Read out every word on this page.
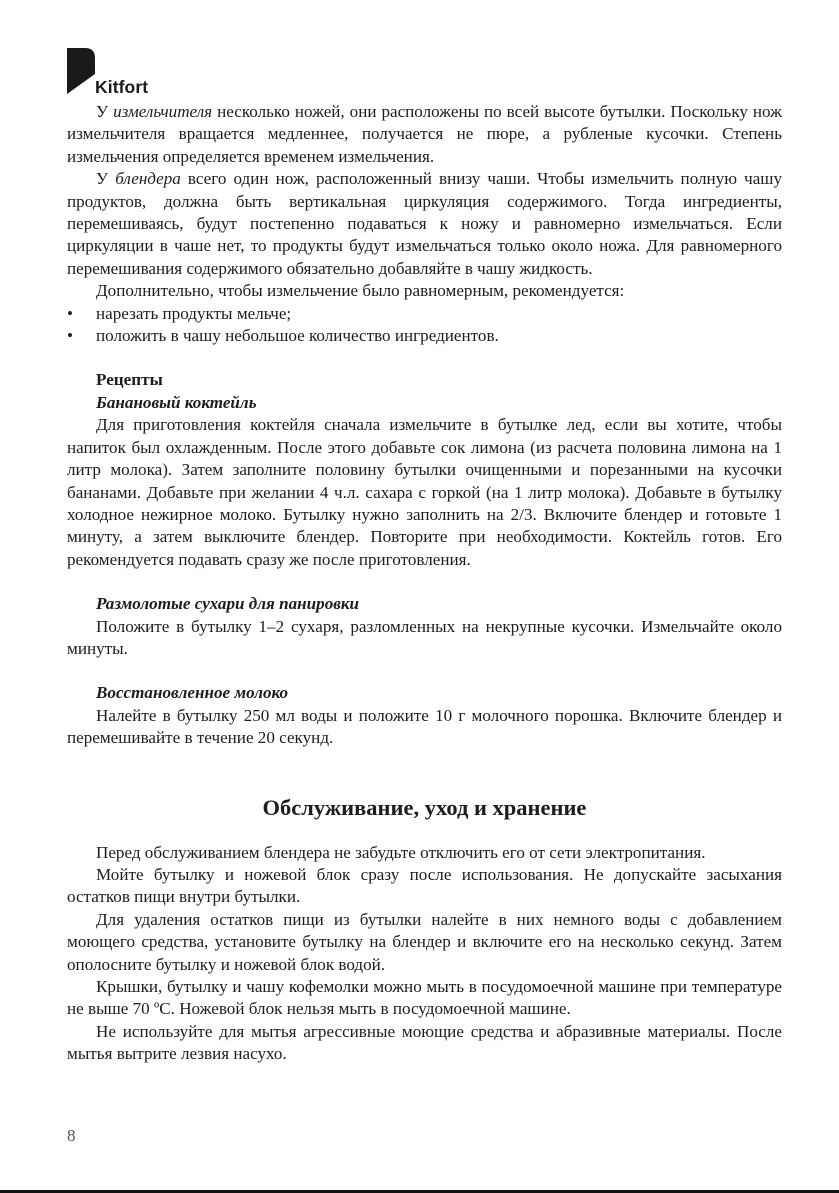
Kitfort

У измельчителя несколько ножей, они расположены по всей высоте бутылки. Поскольку нож измельчителя вращается медленнее, получается не пюре, а рубленые кусочки. Степень измельчения определяется временем измельчения.

У блендера всего один нож, расположенный внизу чаши. Чтобы измельчить полную чашу продуктов, должна быть вертикальная циркуляция содержимого. Тогда ингредиенты, перемешиваясь, будут постепенно подаваться к ножу и равномерно измельчаться. Если циркуляции в чаше нет, то продукты будут измельчаться только около ножа. Для равномерного перемешивания содержимого обязательно добавляйте в чашу жидкость.

Дополнительно, чтобы измельчение было равномерным, рекомендуется:

• нарезать продукты мельче;
• положить в чашу небольшое количество ингредиентов.

Рецепты

Банановый коктейль

Для приготовления коктейля сначала измельчите в бутылке лед, если вы хотите, чтобы напиток был охлажденным. После этого добавьте сок лимона (из расчета половина лимона на 1 литр молока). Затем заполните половину бутылки очищенными и порезанными на кусочки бананами. Добавьте при желании 4 ч.л. сахара с горкой (на 1 литр молока). Добавьте в бутылку холодное нежирное молоко. Бутылку нужно заполнить на 2/3. Включите блендер и готовьте 1 минуту, а затем выключите блендер. Повторите при необходимости. Коктейль готов. Его рекомендуется подавать сразу же после приготовления.

Размолотые сухари для панировки

Положите в бутылку 1–2 сухаря, разломленных на некрупные кусочки. Измельчайте около минуты.

Восстановленное молоко

Налейте в бутылку 250 мл воды и положите 10 г молочного порошка. Включите блендер и перемешивайте в течение 20 секунд.

Обслуживание, уход и хранение

Перед обслуживанием блендера не забудьте отключить его от сети электропитания.

Мойте бутылку и ножевой блок сразу после использования. Не допускайте засыхания остатков пищи внутри бутылки.

Для удаления остатков пищи из бутылки налейте в них немного воды с добавлением моющего средства, установите бутылку на блендер и включите его на несколько секунд. Затем ополосните бутылку и ножевой блок водой.

Крышки, бутылку и чашу кофемолки можно мыть в посудомоечной машине при температуре не выше 70 ºС. Ножевой блок нельзя мыть в посудомоечной машине.

Не используйте для мытья агрессивные моющие средства и абразивные материалы. После мытья вытрите лезвия насухо.

8
